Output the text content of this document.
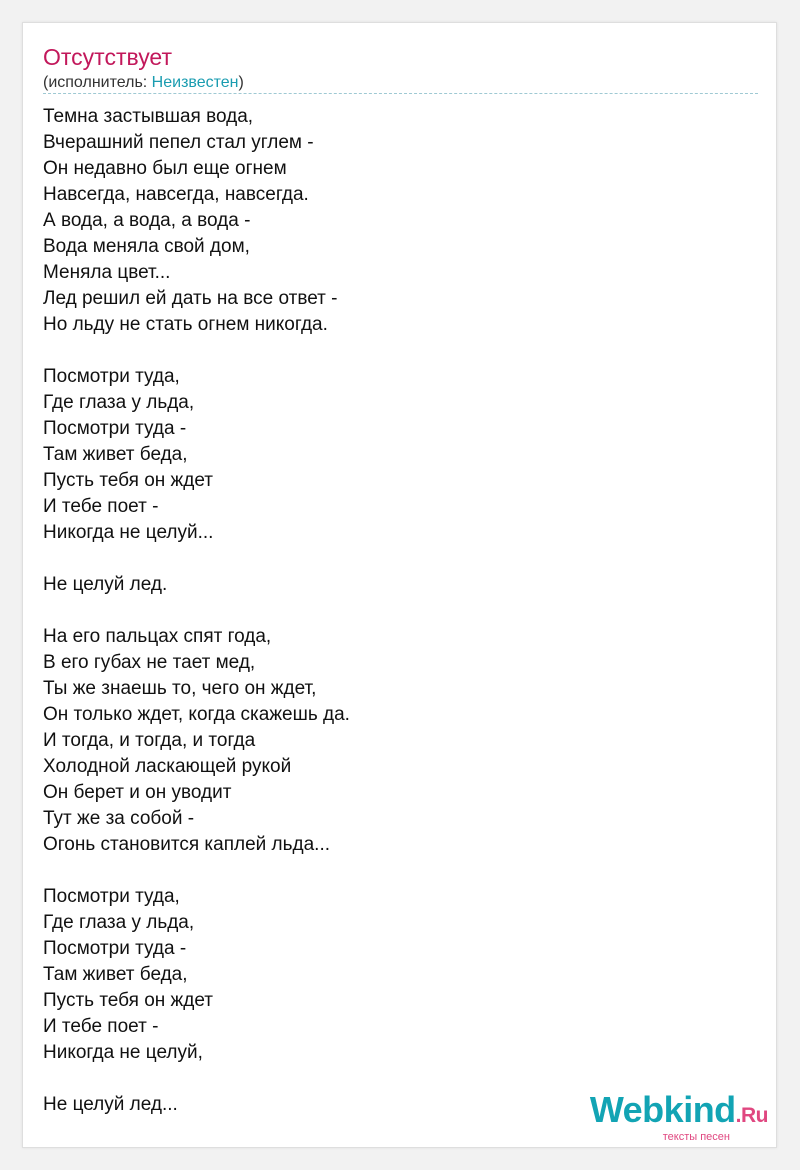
Отсутствует
(исполнитель: Неизвестен)
Темна застывшая вода,
Вчерашний пепел стал углем -
Он недавно был еще огнем
Навсегда, навсегда, навсегда.
А вода, а вода, а вода -
Вода меняла свой дом,
Меняла цвет...
Лед решил ей дать на все ответ -
Но льду не стать огнем никогда.
Посмотри туда,
Где глаза у льда,
Посмотри туда -
Там живет беда,
Пусть тебя он ждет
И тебе поет -
Никогда не целуй...
Не целуй лед.
На его пальцах спят года,
В его губах не тает мед,
Ты же знаешь то, чего он ждет,
Он только ждет, когда скажешь да.
И тогда, и тогда, и тогда
Холодной ласкающей рукой
Он берет и он уводит
Тут же за собой -
Огонь становится каплей льда...
Посмотри туда,
Где глаза у льда,
Посмотри туда -
Там живет беда,
Пусть тебя он ждет
И тебе поет -
Никогда не целуй,
Не целуй лед...	Webkind.Ru
тексты песен
